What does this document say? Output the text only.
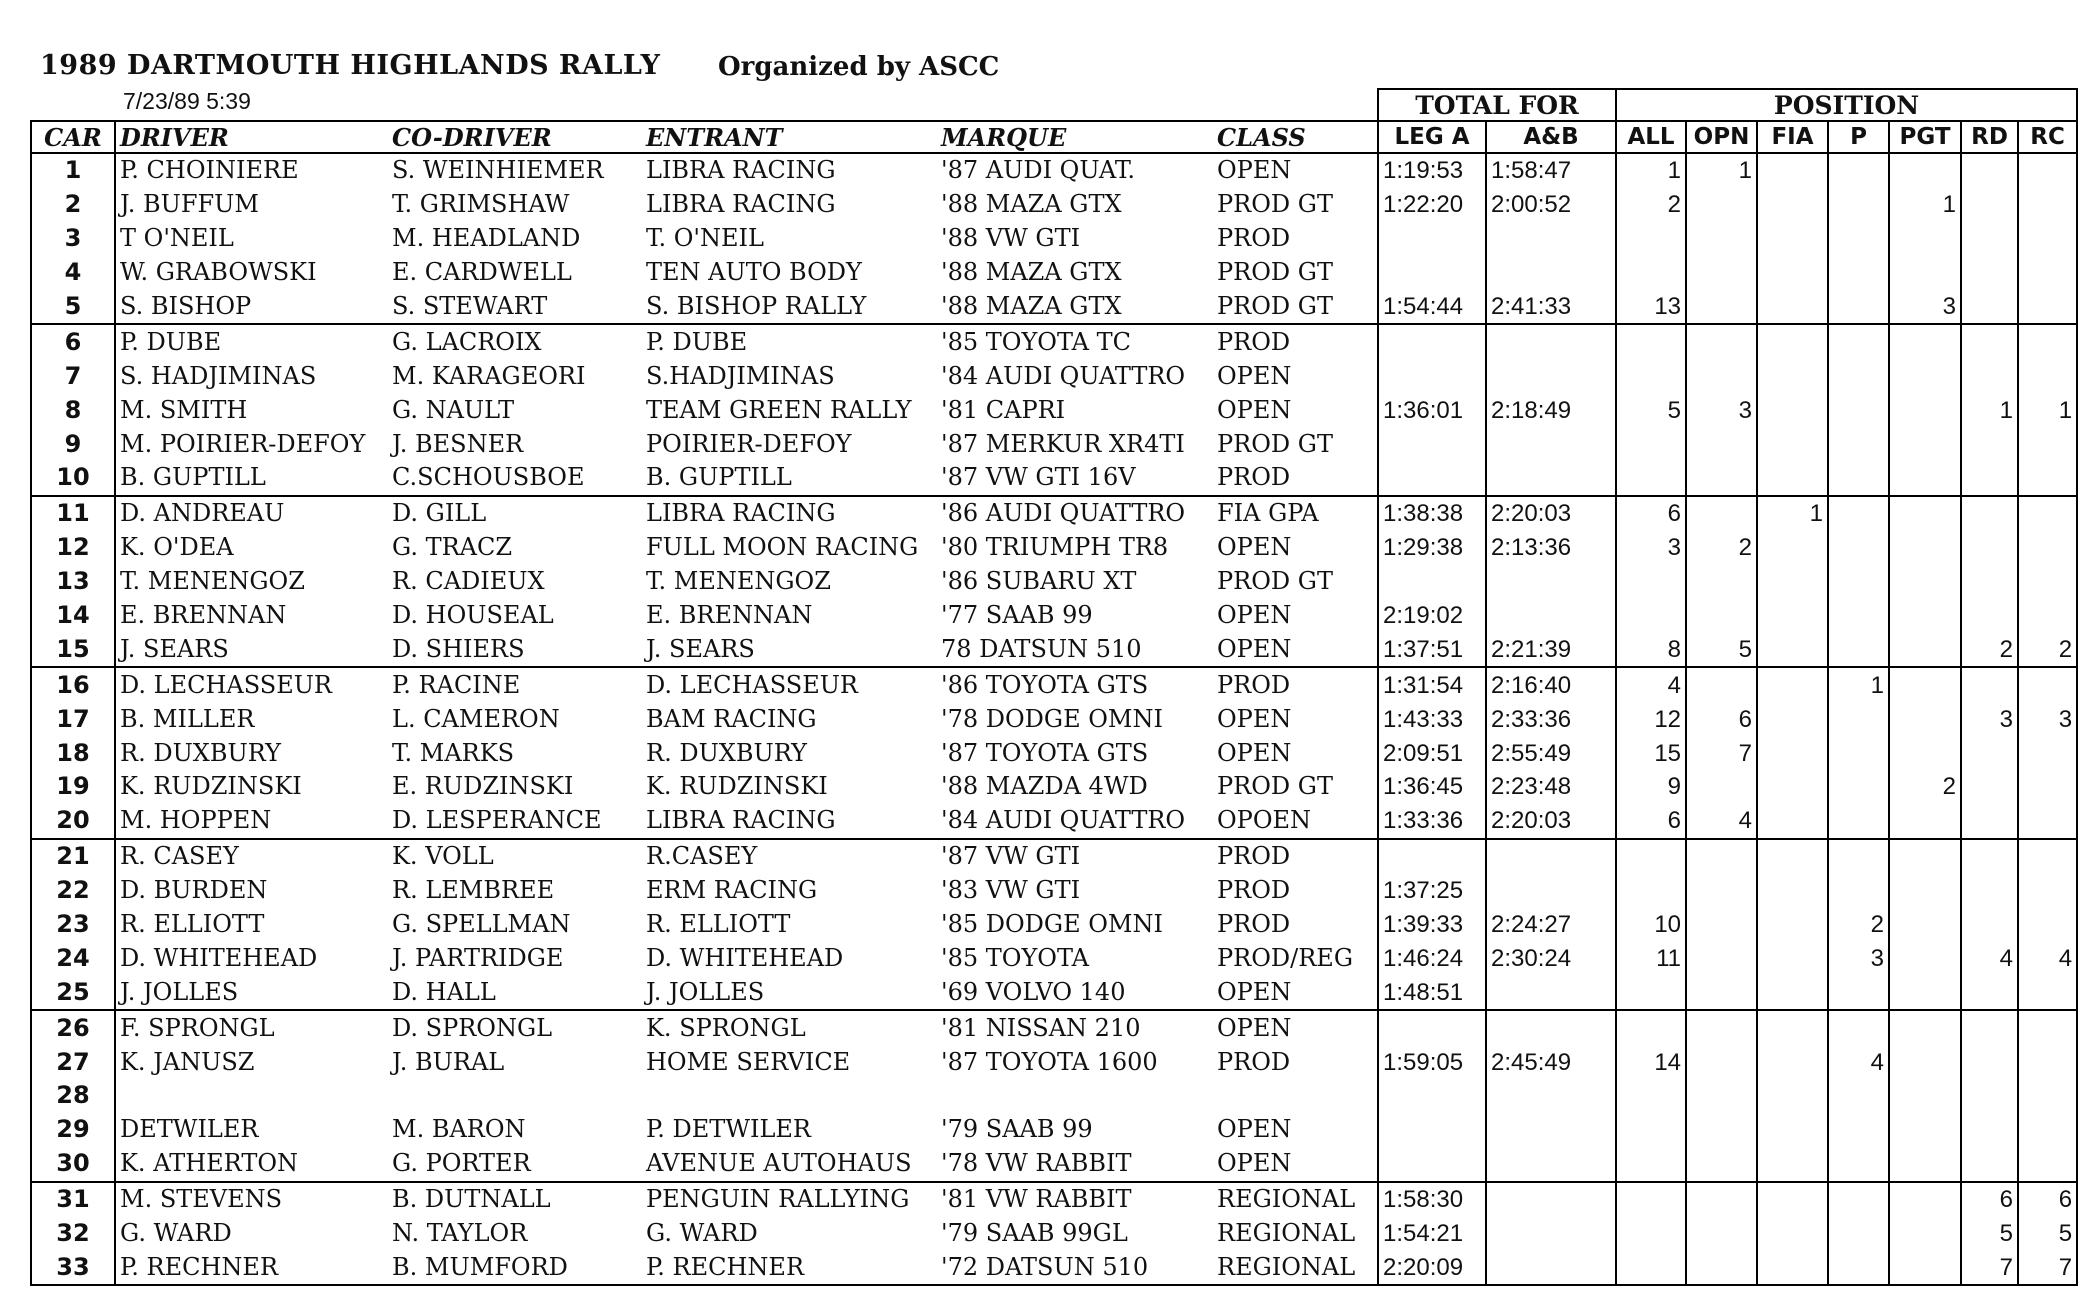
1989 DARTMOUTH HIGHLANDS RALLY Organized by ASCC
7/23/89 5:39
						TOTAL FOR		POSITION						
CAR	DRIVER	CO-DRIVER	ENTRANT	MARQUE	CLASS	LEG A	A&B	ALL	OPN	FIA	P	PGT	RD	RC
1	P. CHOINIERE	S. WEINHIEMER	LIBRA RACING	'87 AUDI QUAT.	OPEN	1:19:53	1:58:47	1	1					
2	J. BUFFUM	T. GRIMSHAW	LIBRA RACING	'88 MAZA GTX	PROD GT	1:22:20	2:00:52	2				1		
3	T O'NEIL	M. HEADLAND	T. O'NEIL	'88 VW GTI	PROD									
4	W. GRABOWSKI	E. CARDWELL	TEN AUTO BODY	'88 MAZA GTX	PROD GT									
5	S. BISHOP	S. STEWART	S. BISHOP RALLY	'88 MAZA GTX	PROD GT	1:54:44	2:41:33	13				3		
6	P. DUBE	G. LACROIX	P. DUBE	'85 TOYOTA TC	PROD									
7	S. HADJIMINAS	M. KARAGEORI	S.HADJIMINAS	'84 AUDI QUATTRO	OPEN									
8	M. SMITH	G. NAULT	TEAM GREEN RALLY	'81 CAPRI	OPEN	1:36:01	2:18:49	5	3				1	1
9	M. POIRIER-DEFOY	J. BESNER	POIRIER-DEFOY	'87 MERKUR XR4TI	PROD GT									
10	B. GUPTILL	C.SCHOUSBOE	B. GUPTILL	'87 VW GTI 16V	PROD									
11	D. ANDREAU	D. GILL	LIBRA RACING	'86 AUDI QUATTRO	FIA GPA	1:38:38	2:20:03	6		1				
12	K. O'DEA	G. TRACZ	FULL MOON RACING	'80 TRIUMPH TR8	OPEN	1:29:38	2:13:36	3	2					
13	T. MENENGOZ	R. CADIEUX	T. MENENGOZ	'86 SUBARU XT	PROD GT									
14	E. BRENNAN	D. HOUSEAL	E. BRENNAN	'77 SAAB 99	OPEN	2:19:02								
15	J. SEARS	D. SHIERS	J. SEARS	78 DATSUN 510	OPEN	1:37:51	2:21:39	8	5				2	2
16	D. LECHASSEUR	P. RACINE	D. LECHASSEUR	'86 TOYOTA GTS	PROD	1:31:54	2:16:40	4			1			
17	B. MILLER	L. CAMERON	BAM RACING	'78 DODGE OMNI	OPEN	1:43:33	2:33:36	12	6				3	3
18	R. DUXBURY	T. MARKS	R. DUXBURY	'87 TOYOTA GTS	OPEN	2:09:51	2:55:49	15	7					
19	K. RUDZINSKI	E. RUDZINSKI	K. RUDZINSKI	'88 MAZDA 4WD	PROD GT	1:36:45	2:23:48	9				2		
20	M. HOPPEN	D. LESPERANCE	LIBRA RACING	'84 AUDI QUATTRO	OPOEN	1:33:36	2:20:03	6	4					
21	R. CASEY	K. VOLL	R.CASEY	'87 VW GTI	PROD									
22	D. BURDEN	R. LEMBREE	ERM RACING	'83 VW GTI	PROD	1:37:25								
23	R. ELLIOTT	G. SPELLMAN	R. ELLIOTT	'85 DODGE OMNI	PROD	1:39:33	2:24:27	10			2			
24	D. WHITEHEAD	J. PARTRIDGE	D. WHITEHEAD	'85 TOYOTA	PROD/REG	1:46:24	2:30:24	11			3		4	4
25	J. JOLLES	D. HALL	J. JOLLES	'69 VOLVO 140	OPEN	1:48:51								
26	F. SPRONGL	D. SPRONGL	K. SPRONGL	'81 NISSAN 210	OPEN									
27	K. JANUSZ	J. BURAL	HOME SERVICE	'87 TOYOTA 1600	PROD	1:59:05	2:45:49	14			4			
28														
29	DETWILER	M. BARON	P. DETWILER	'79 SAAB 99	OPEN									
30	K. ATHERTON	G. PORTER	AVENUE AUTOHAUS	'78 VW RABBIT	OPEN									
31	M. STEVENS	B. DUTNALL	PENGUIN RALLYING	'81 VW RABBIT	REGIONAL	1:58:30							6	6
32	G. WARD	N. TAYLOR	G. WARD	'79 SAAB 99GL	REGIONAL	1:54:21							5	5
33	P. RECHNER	B. MUMFORD	P. RECHNER	'72 DATSUN 510	REGIONAL	2:20:09							7	7
